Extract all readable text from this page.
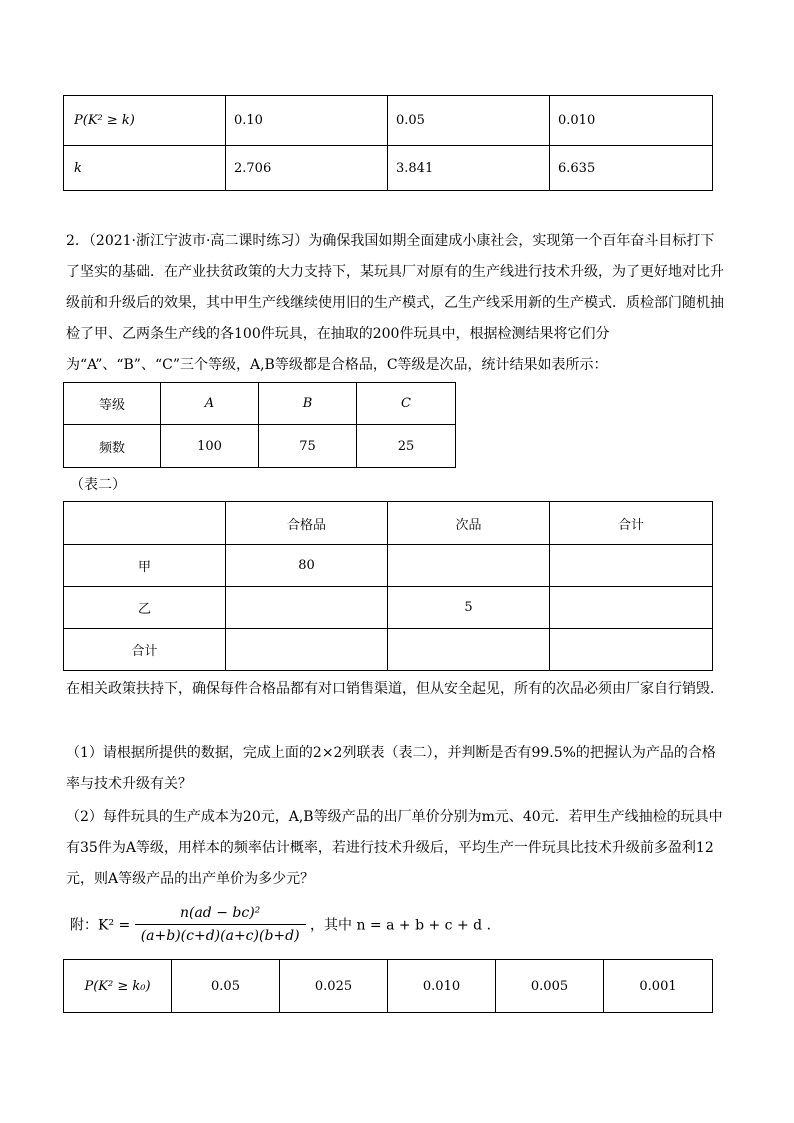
P(K² ≥ k)	0.10	0.05	0.010
k	2.706	3.841	6.635

2．（2021·浙江宁波市·高二课时练习）为确保我国如期全面建成小康社会，实现第一个百年奋斗目标打下了坚实的基础．在产业扶贫政策的大力支持下，某玩具厂对原有的生产线进行技术升级，为了更好地对比升级前和升级后的效果，其中甲生产线继续使用旧的生产模式，乙生产线采用新的生产模式．质检部门随机抽检了甲、乙两条生产线的各100件玩具，在抽取的200件玩具中，根据检测结果将它们分为“A”、“B”、“C”三个等级，A,B等级都是合格品，C等级是次品，统计结果如表所示：

等级	A	B	C
频数	100	75	25
（表二）
	合格品	次品	合计
甲	80		
乙		5	
合计			

在相关政策扶持下，确保每件合格品都有对口销售渠道，但从安全起见，所有的次品必须由厂家自行销毁．

（1）请根据所提供的数据，完成上面的2×2列联表（表二），并判断是否有99.5%的把握认为产品的合格率与技术升级有关？

（2）每件玩具的生产成本为20元，A,B等级产品的出厂单价分别为m元、40元．若甲生产线抽检的玩具中有35件为A等级，用样本的频率估计概率，若进行技术升级后，平均生产一件玩具比技术升级前多盈利12元，则A等级产品的出产单价为多少元？

附：$K^2 = \frac{\text{n(ad − bc)²}}{(a+b)(c+d)(a+c)(b+d)}$ ，其中 n = a + b + c + d ．
P(K² ≥ k₀)	0.05	0.025	0.010	0.005	0.001
